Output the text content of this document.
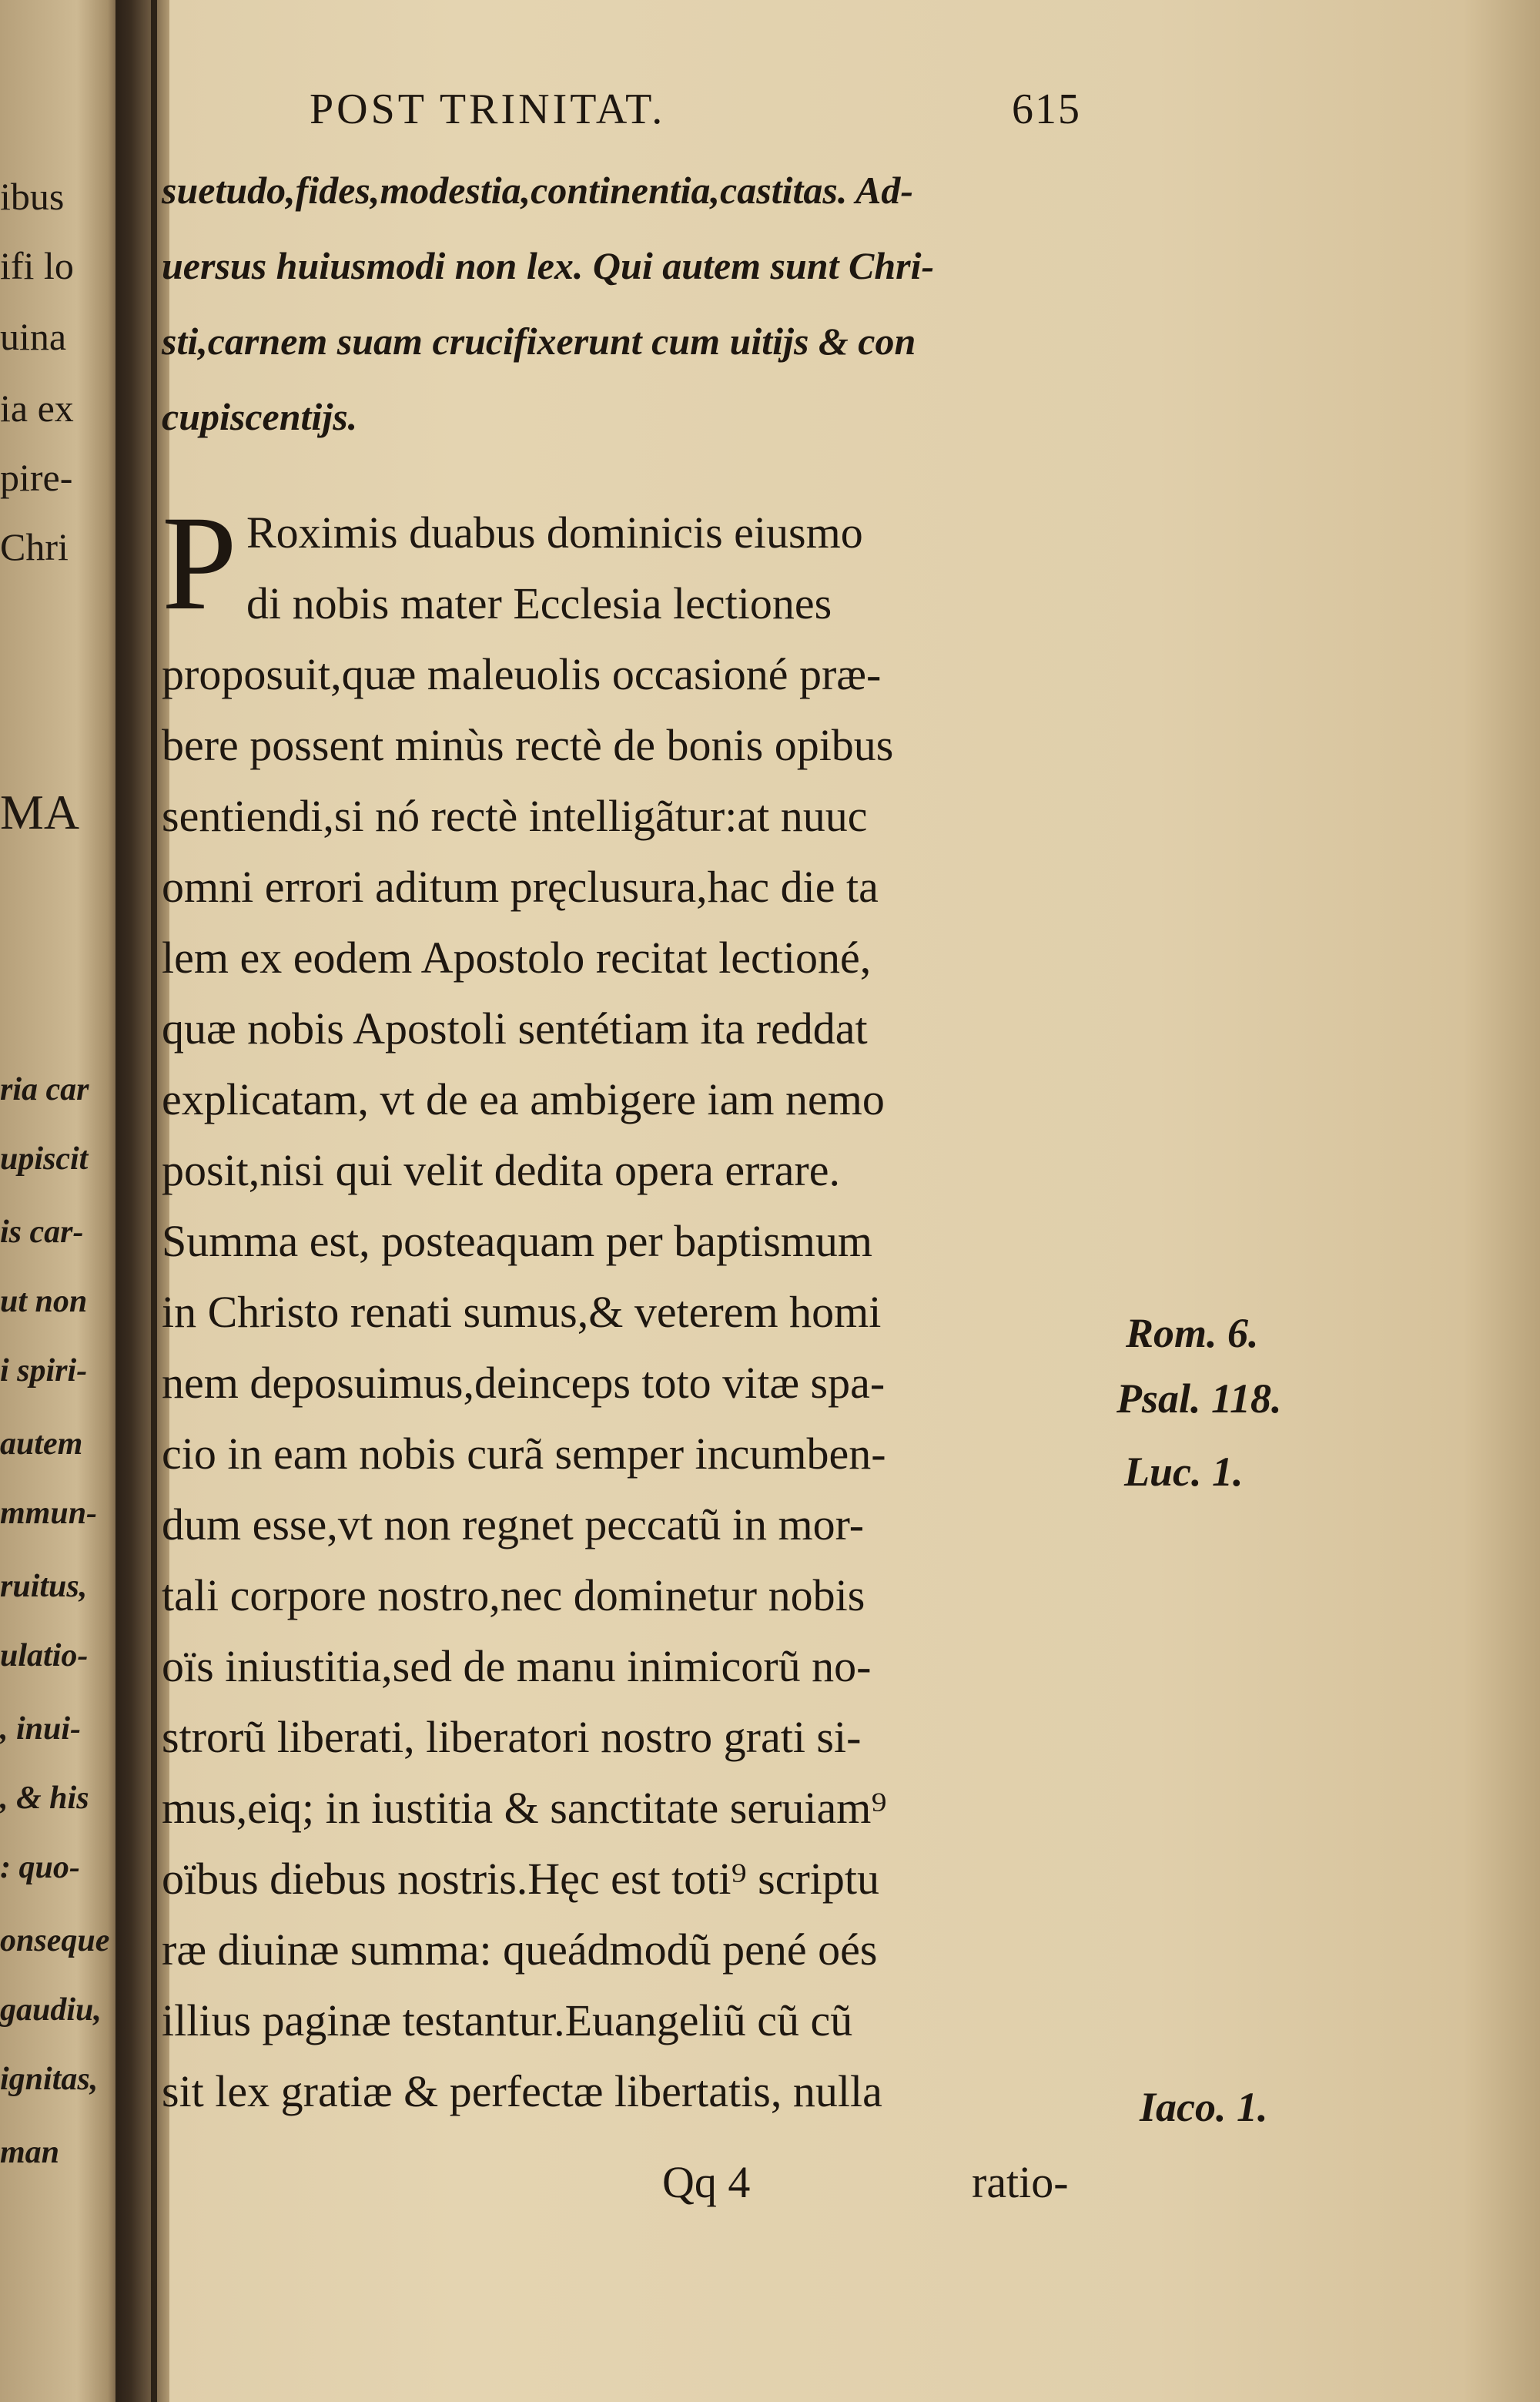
ibus
ifi lo
uina
ia ex
pire-
Chri
MA
ria car
upiscit
is car-
ut non
i spiri-
autem
mmun-
ruitus,
ulatio-
, inui-
, & his
: quo-
onseque
gaudiu,
ignitas,
man
POST TRINITAT.	615
suetudo,fides,modestia,continentia,castitas. Ad-
uersus huiusmodi non lex. Qui autem sunt Chri-
sti,carnem suam crucifixerunt cum uitijs & con
cupiscentijs.
P Roximis duabus dominicis eiusmo
di nobis mater Ecclesia lectiones
proposuit,quæ maleuolis occasioné præ-
bere possent minùs rectè de bonis opibus
sentiendi,si nó rectè intelligãtur:at nuuc
omni errori aditum pręclusura,hac die ta
lem ex eodem Apostolo recitat lectioné,
quæ nobis Apostoli sentétiam ita reddat
explicatam, vt de ea ambigere iam nemo
posit,nisi qui velit dedita opera errare.
Summa est, posteaquam per baptismum
in Christo renati sumus,& veterem homi
nem deposuimus,deinceps toto vitæ spa-
cio in eam nobis curã semper incumben-
dum esse,vt non regnet peccatũ in mor-
tali corpore nostro,nec dominetur nobis
oïs iniustitia,sed de manu inimicorũ no-
strorũ liberati, liberatori nostro grati si-
mus,eiq; in iustitia & sanctitate seruiam⁹
oïbus diebus nostris.Hęc est toti⁹ scriptu
ræ diuinæ summa: queádmodũ pené oés
illius paginæ testantur.Euangeliũ cũ cũ
sit lex gratiæ & perfectæ libertatis, nulla
Rom. 6.
Psal. 118.
Luc. 1.
Iaco. 1.
Qq 4	ratio-
